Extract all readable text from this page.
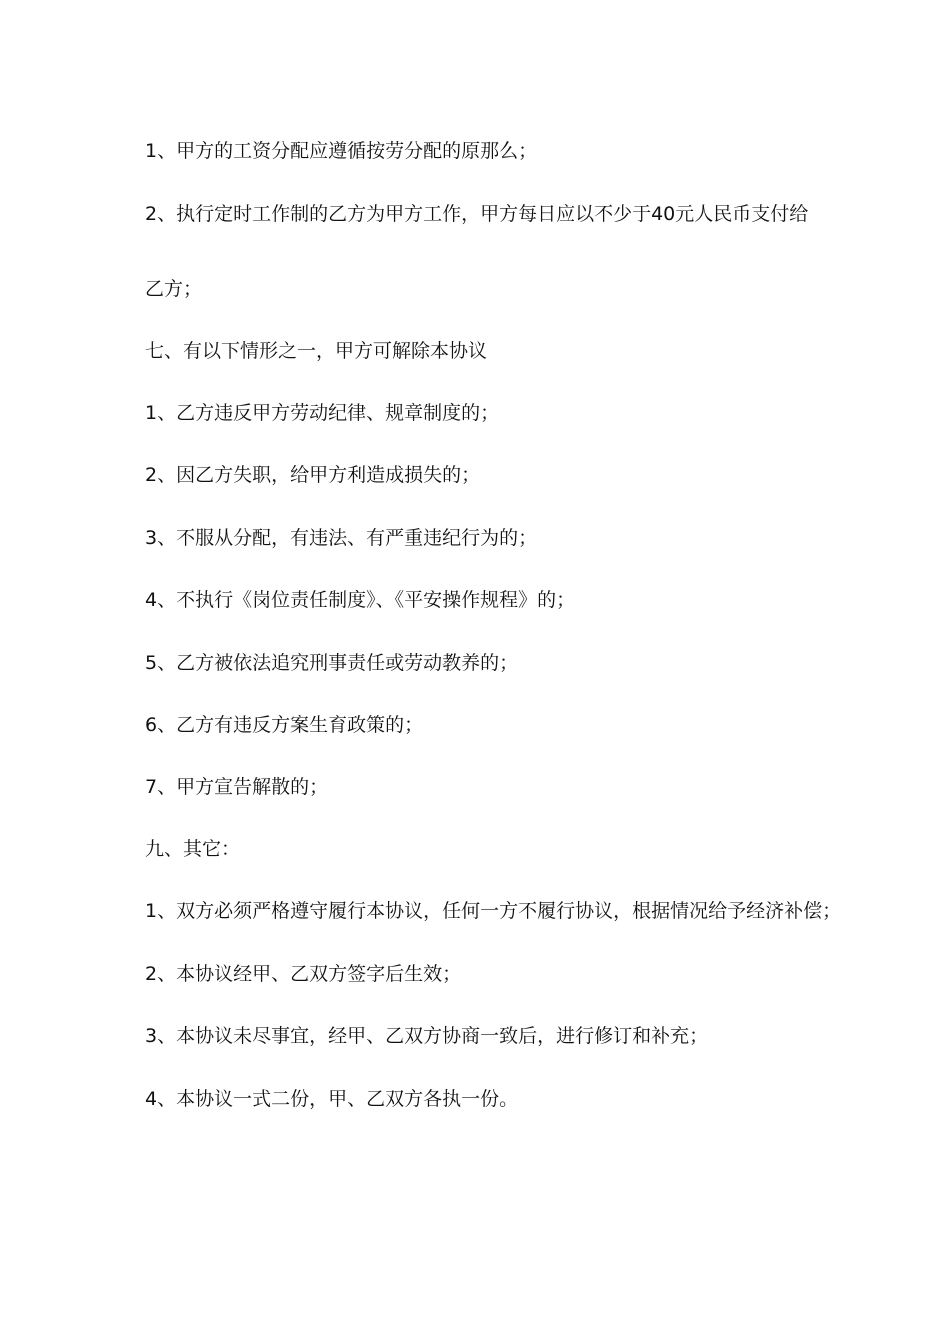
1、甲方的工资分配应遵循按劳分配的原那么；
2、执行定时工作制的乙方为甲方工作，甲方每日应以不少于40元人民币支付给
乙方；
七、有以下情形之一，甲方可解除本协议
1、乙方违反甲方劳动纪律、规章制度的；
2、因乙方失职，给甲方利造成损失的；
3、不服从分配，有违法、有严重违纪行为的；
4、不执行《岗位责任制度》、《平安操作规程》的；
5、乙方被依法追究刑事责任或劳动教养的；
6、乙方有违反方案生育政策的；
7、甲方宣告解散的；
九、其它：
1、双方必须严格遵守履行本协议，任何一方不履行协议，根据情况给予经济补偿；
2、本协议经甲、乙双方签字后生效；
3、本协议未尽事宜，经甲、乙双方协商一致后，进行修订和补充；
4、本协议一式二份，甲、乙双方各执一份。
